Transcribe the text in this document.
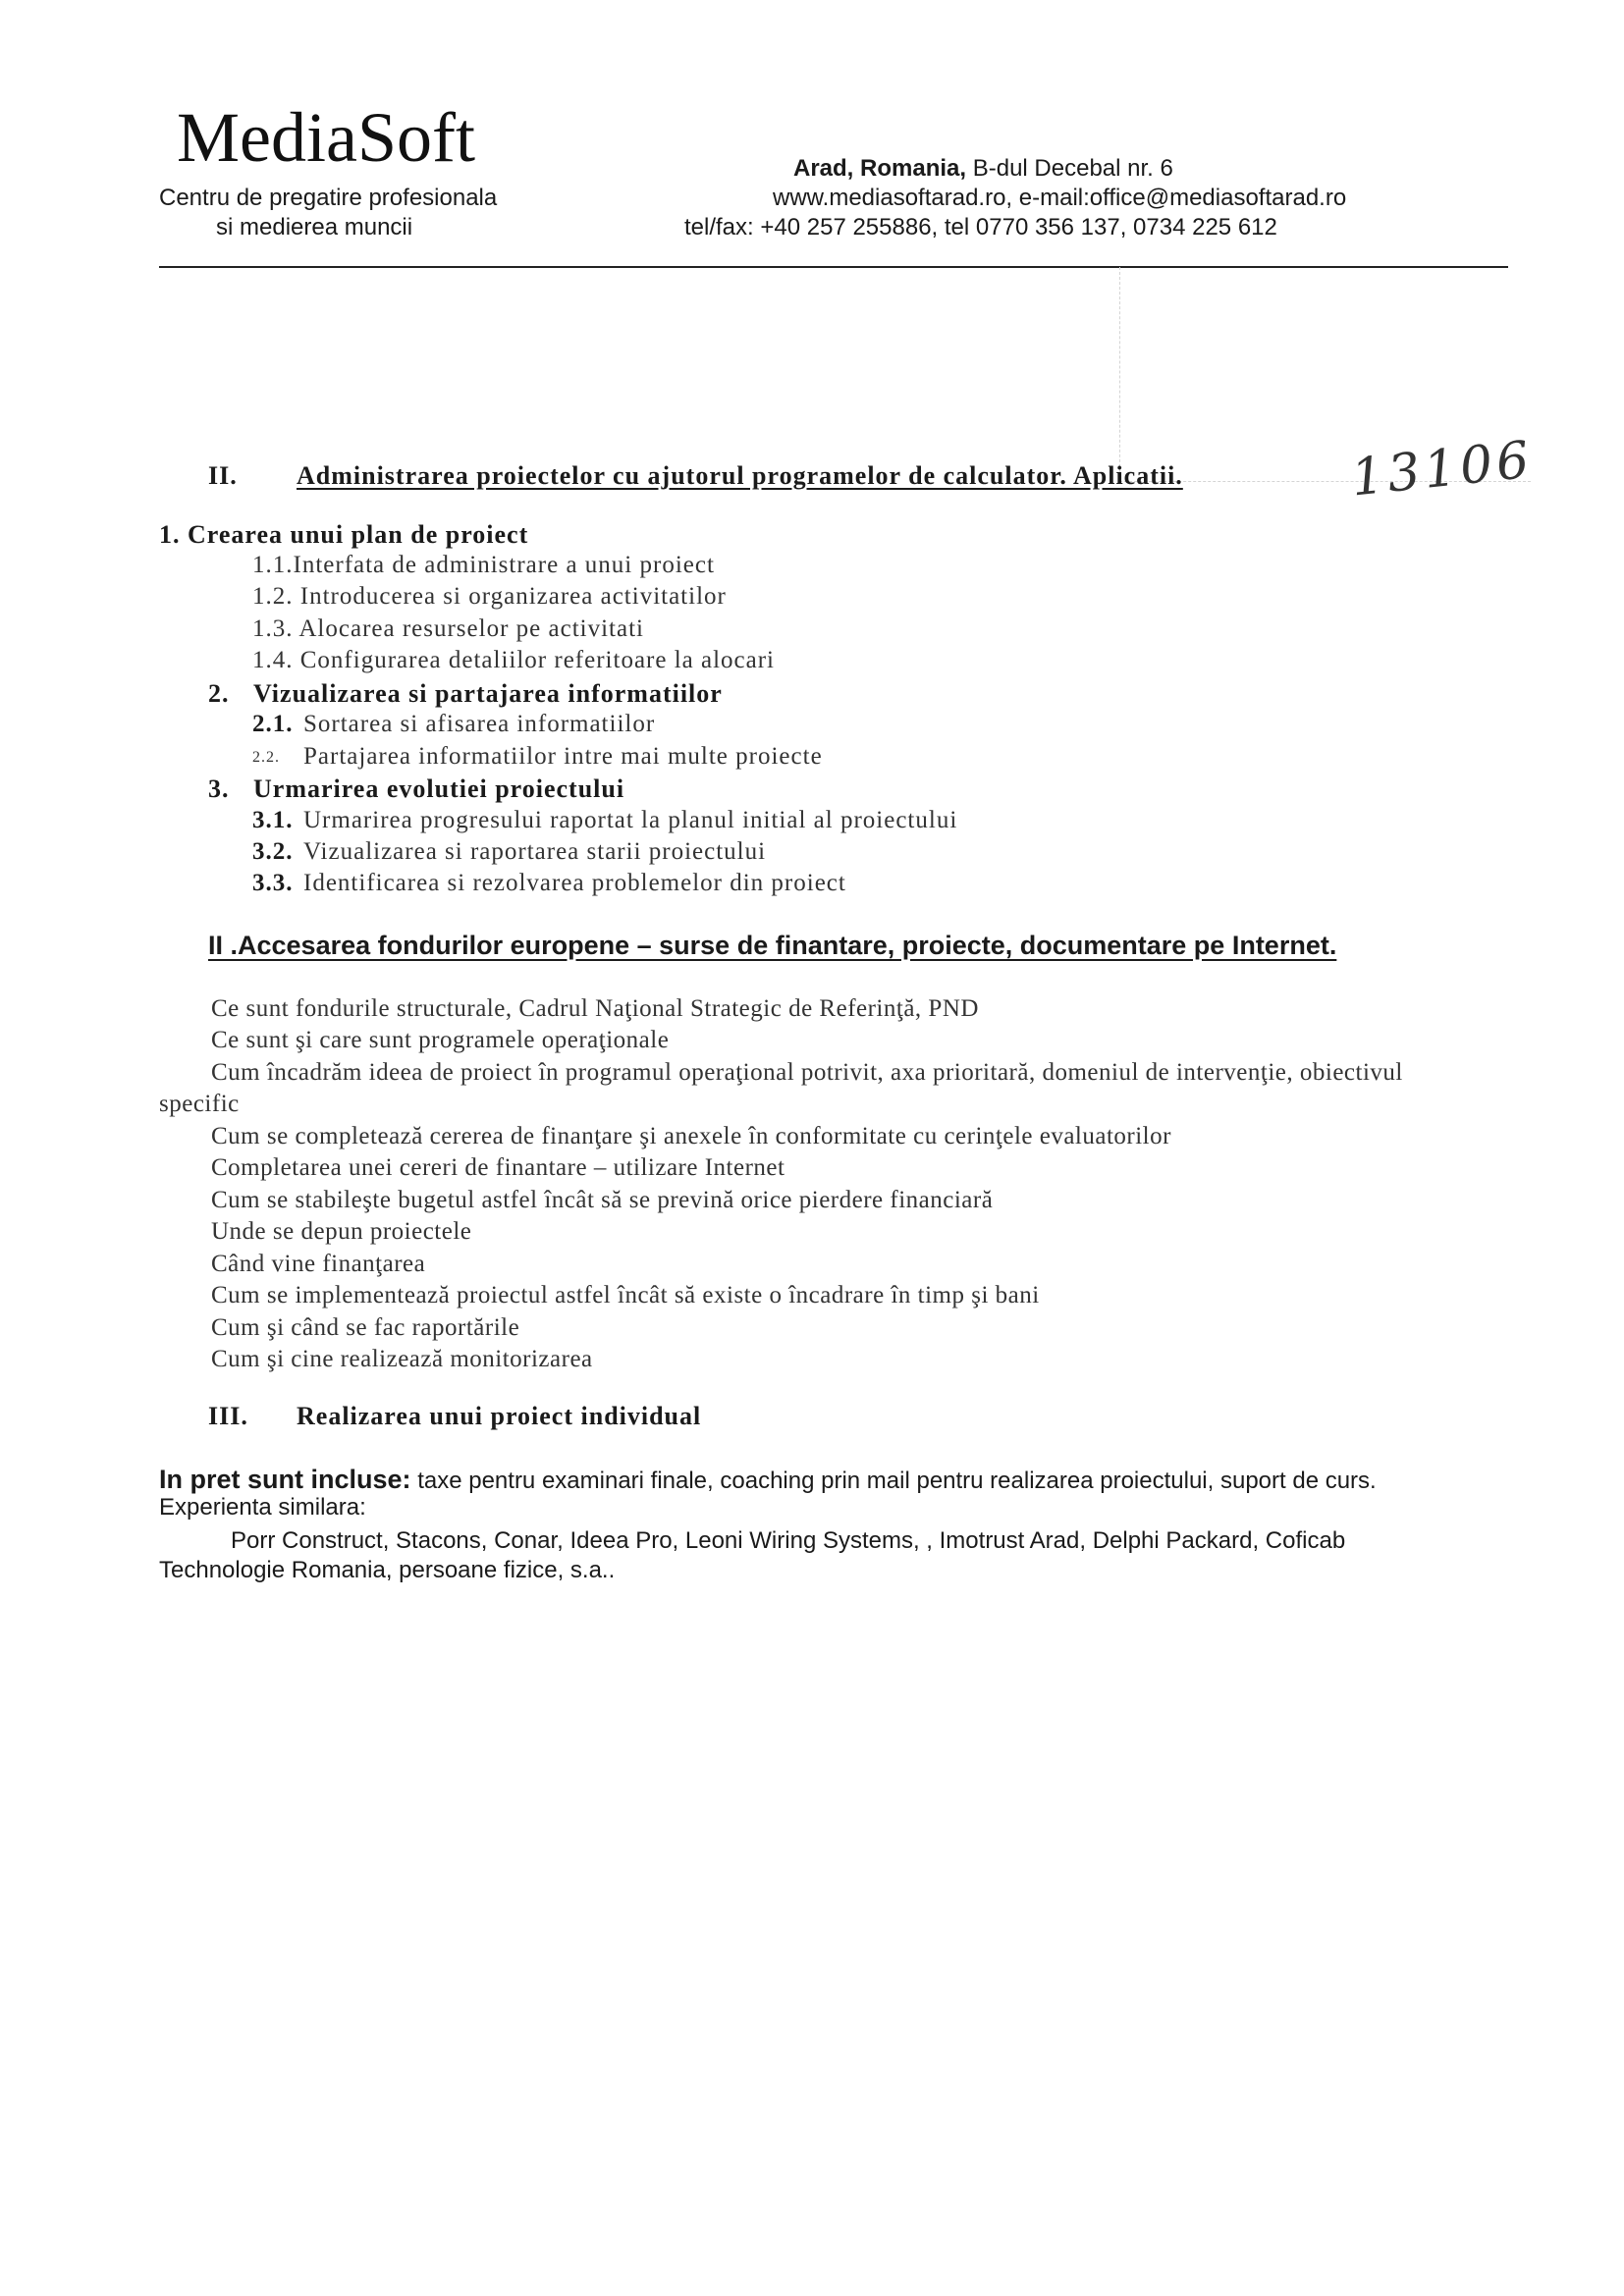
MediaSoft
Centru de pregatire profesionala
si medierea muncii
Arad, Romania, B-dul Decebal nr. 6
www.mediasoftarad.ro, e-mail:office@mediasoftarad.ro
tel/fax: +40 257 255886, tel 0770 356 137, 0734 225 612
13106
II. Administrarea proiectelor cu ajutorul programelor de calculator. Aplicatii.
1. Crearea unui plan de proiect
1.1.Interfata de administrare a unui proiect
1.2. Introducerea si organizarea activitatilor
1.3. Alocarea resurselor pe activitati
1.4. Configurarea detaliilor referitoare la alocari
2. Vizualizarea si partajarea informatiilor
2.1. Sortarea si afisarea informatiilor
2.2. Partajarea informatiilor intre mai multe proiecte
3. Urmarirea evolutiei proiectului
3.1. Urmarirea progresului raportat la planul initial al proiectului
3.2. Vizualizarea si raportarea starii proiectului
3.3. Identificarea si rezolvarea problemelor din proiect
II .Accesarea fondurilor europene – surse de finantare, proiecte, documentare pe Internet.
Ce sunt fondurile structurale, Cadrul Naţional Strategic de Referinţă, PND
Ce sunt şi care sunt programele operaţionale
Cum încadrăm ideea de proiect în programul operaţional potrivit, axa prioritară, domeniul de intervenţie, obiectivul
specific
Cum se completează cererea de finanţare şi anexele în conformitate cu cerinţele evaluatorilor
Completarea unei cereri de finantare – utilizare Internet
Cum se stabileşte bugetul astfel încât să se prevină orice pierdere financiară
Unde se depun proiectele
Când vine finanţarea
Cum se implementează proiectul astfel încât să existe o încadrare în timp şi bani
Cum şi când se fac raportările
Cum şi cine realizează monitorizarea
III. Realizarea unui proiect individual
In pret sunt incluse: taxe pentru examinari finale, coaching prin mail pentru realizarea proiectului, suport de curs.
Experienta similara:
Porr Construct, Stacons, Conar, Ideea Pro, Leoni Wiring Systems, , Imotrust Arad, Delphi Packard, Coficab
Technologie Romania, persoane fizice, s.a..
